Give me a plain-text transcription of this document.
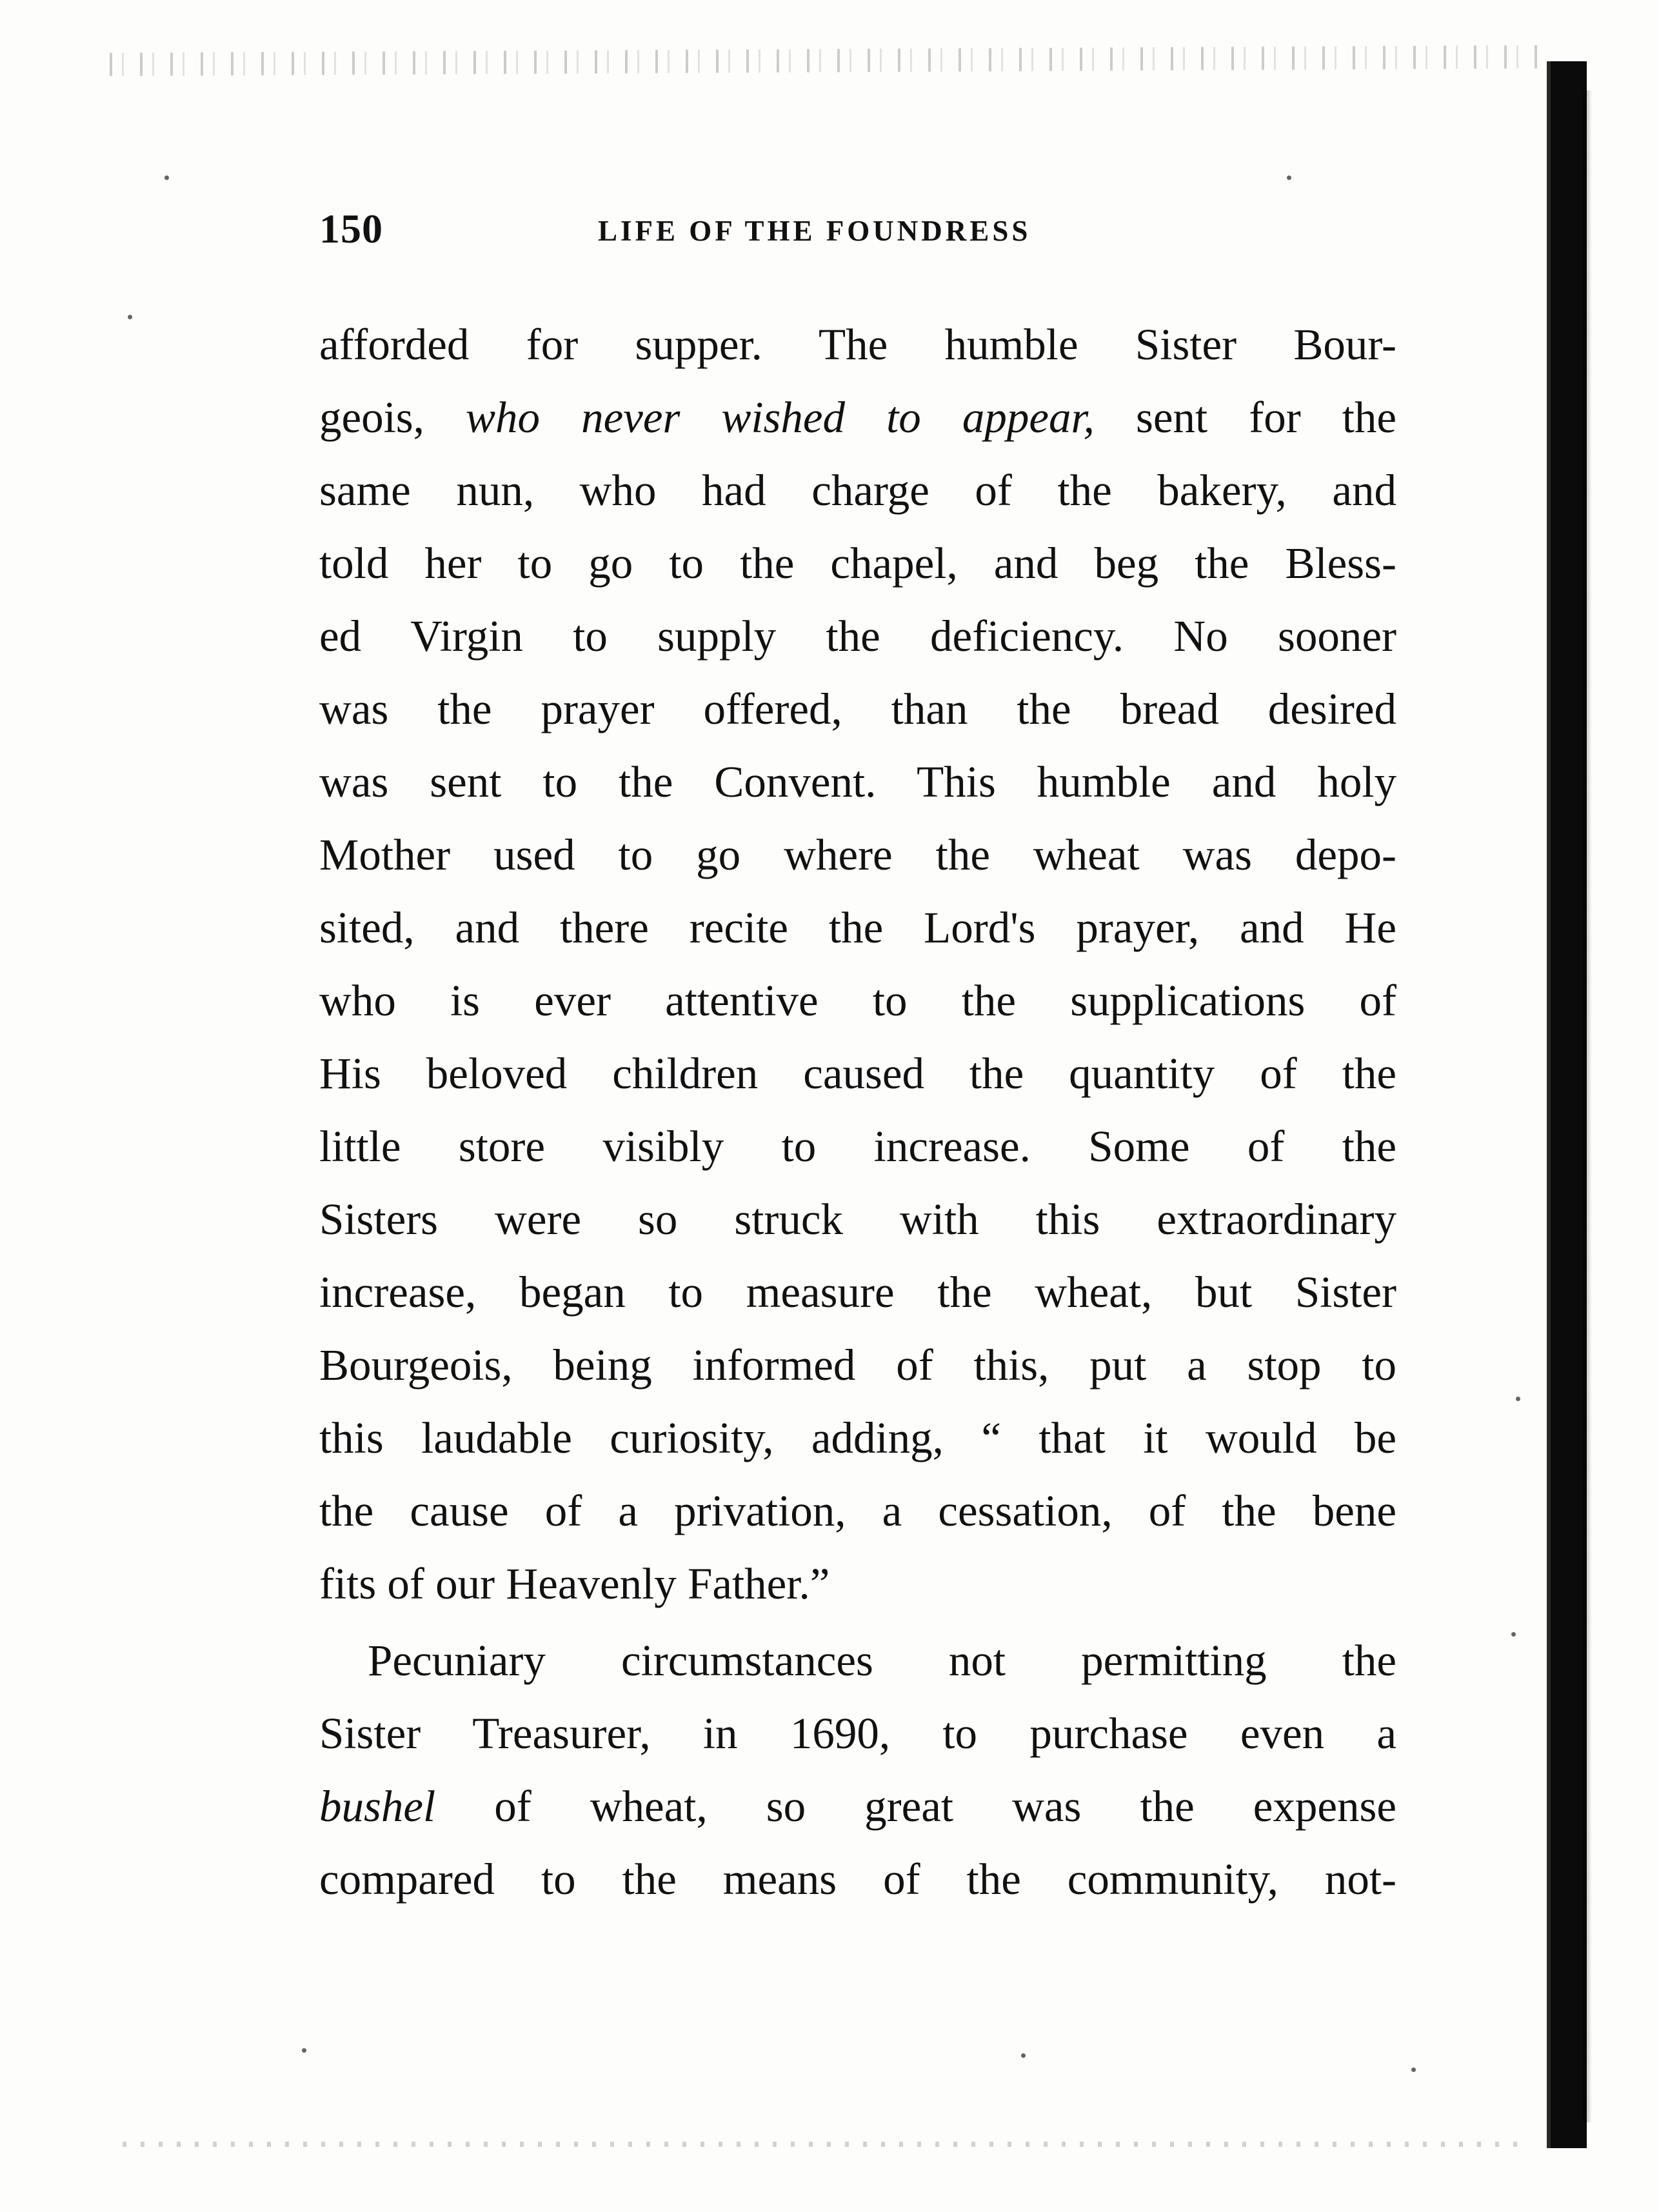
150	LIFE OF THE FOUNDRESS
afforded for supper. The humble Sister Bour-
geois, who never wished to appear, sent for the
same nun, who had charge of the bakery, and
told her to go to the chapel, and beg the Bless-
ed Virgin to supply the deficiency. No sooner
was the prayer offered, than the bread desired
was sent to the Convent. This humble and holy
Mother used to go where the wheat was depo-
sited, and there recite the Lord's prayer, and He
who is ever attentive to the supplications of
His beloved children caused the quantity of the
little store visibly to increase. Some of the
Sisters were so struck with this extraordinary
increase, began to measure the wheat, but Sister
Bourgeois, being informed of this, put a stop to
this laudable curiosity, adding, “ that it would be
the cause of a privation, a cessation, of the bene
fits of our Heavenly Father.”
Pecuniary circumstances not permitting the
Sister Treasurer, in 1690, to purchase even a
bushel of wheat, so great was the expense
compared to the means of the community, not-
